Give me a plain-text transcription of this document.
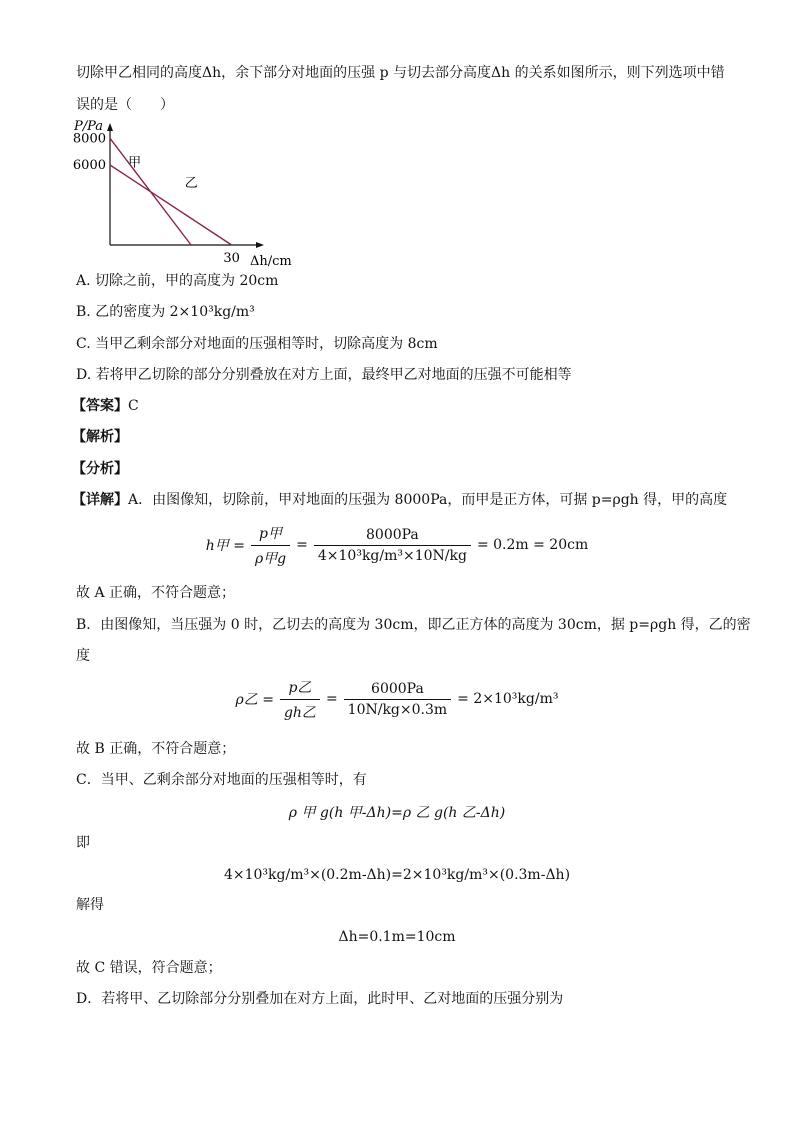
切除甲乙相同的高度Δh，余下部分对地面的压强 p 与切去部分高度Δh 的关系如图所示，则下列选项中错
误的是（　　）
P/Pa
8000
6000
30
甲
乙
Δh/cm
A. 切除之前，甲的高度为 20cm
B. 乙的密度为 2×10³kg/m³
C. 当甲乙剩余部分对地面的压强相等时，切除高度为 8cm
D. 若将甲乙切除的部分分别叠放在对方上面，最终甲乙对地面的压强不可能相等
【答案】C
【解析】
【分析】
【详解】A．由图像知，切除前，甲对地面的压强为 8000Pa，而甲是正方体，可据 p=ρgh 得，甲的高度
h甲 = $\frac{\text{p甲}}{\text{ρ甲g}} = \frac{8000Pa}{\text{4×10³kg/m³×10N/kg}} = 0.2m = 20cm$
故 A 正确，不符合题意；
B．由图像知，当压强为 0 时，乙切去的高度为 30cm，即乙正方体的高度为 30cm，据 p=ρgh 得，乙的密
度
ρ乙 = $\frac{\text{p乙}}{\text{gh乙}} = \frac{6000Pa}{10N/kg\times 0.3m} = 2\times 10^3kg/m^3$
故 B 正确，不符合题意；
C．当甲、乙剩余部分对地面的压强相等时，有
ρ 甲 g(h 甲-Δh)=ρ 乙 g(h 乙-Δh)
即
4×10³kg/m³×(0.2m-Δh)=2×10³kg/m³×(0.3m-Δh)
解得
Δh=0.1m=10cm
故 C 错误，符合题意；
D．若将甲、乙切除部分分别叠加在对方上面，此时甲、乙对地面的压强分别为
